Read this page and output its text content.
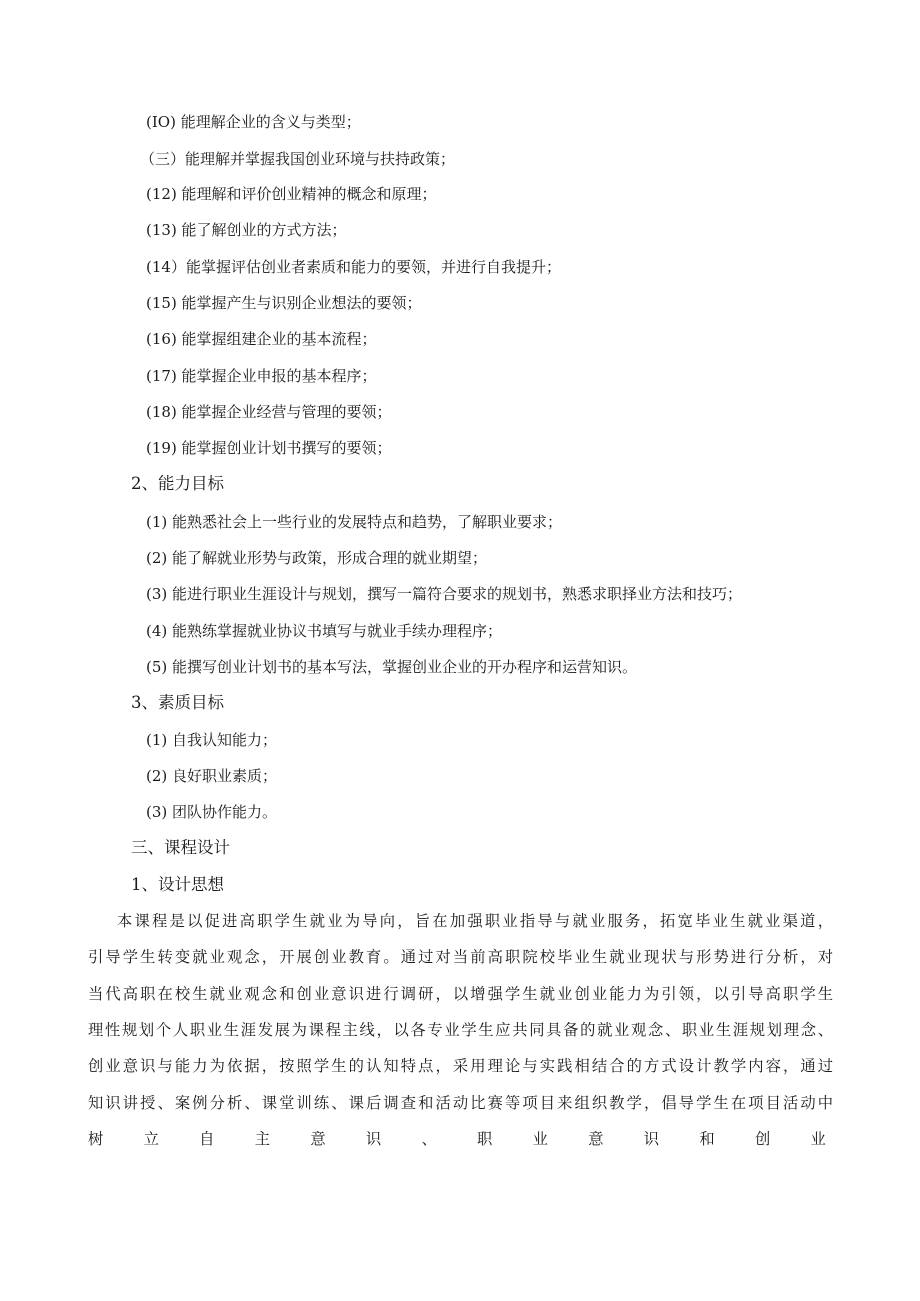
(IO) 能理解企业的含义与类型；
（三）能理解并掌握我国创业环境与扶持政策；
(12) 能理解和评价创业精神的概念和原理；
(13) 能了解创业的方式方法；
(14）能掌握评估创业者素质和能力的要领，并进行自我提升；
(15) 能掌握产生与识别企业想法的要领；
(16) 能掌握组建企业的基本流程；
(17) 能掌握企业申报的基本程序；
(18) 能掌握企业经营与管理的要领；
(19) 能掌握创业计划书撰写的要领；
2、能力目标
(1) 能熟悉社会上一些行业的发展特点和趋势，了解职业要求；
(2) 能了解就业形势与政策，形成合理的就业期望；
(3) 能进行职业生涯设计与规划，撰写一篇符合要求的规划书，熟悉求职择业方法和技巧；
(4) 能熟练掌握就业协议书填写与就业手续办理程序；
(5) 能撰写创业计划书的基本写法，掌握创业企业的开办程序和运营知识。
3、素质目标
(1) 自我认知能力；
(2) 良好职业素质；
(3) 团队协作能力。
三、课程设计
1、设计思想
本课程是以促进高职学生就业为导向，旨在加强职业指导与就业服务，拓宽毕业生就业渠道，
引导学生转变就业观念，开展创业教育。通过对当前高职院校毕业生就业现状与形势进行分析，对
当代高职在校生就业观念和创业意识进行调研，以增强学生就业创业能力为引领，以引导高职学生
理性规划个人职业生涯发展为课程主线，以各专业学生应共同具备的就业观念、职业生涯规划理念、
创业意识与能力为依据，按照学生的认知特点，采用理论与实践相结合的方式设计教学内容，通过
知识讲授、案例分析、课堂训练、课后调查和活动比赛等项目来组织教学，倡导学生在项目活动中
树	立	自	主	意	识	、	职	业	意	识	和	创	业
